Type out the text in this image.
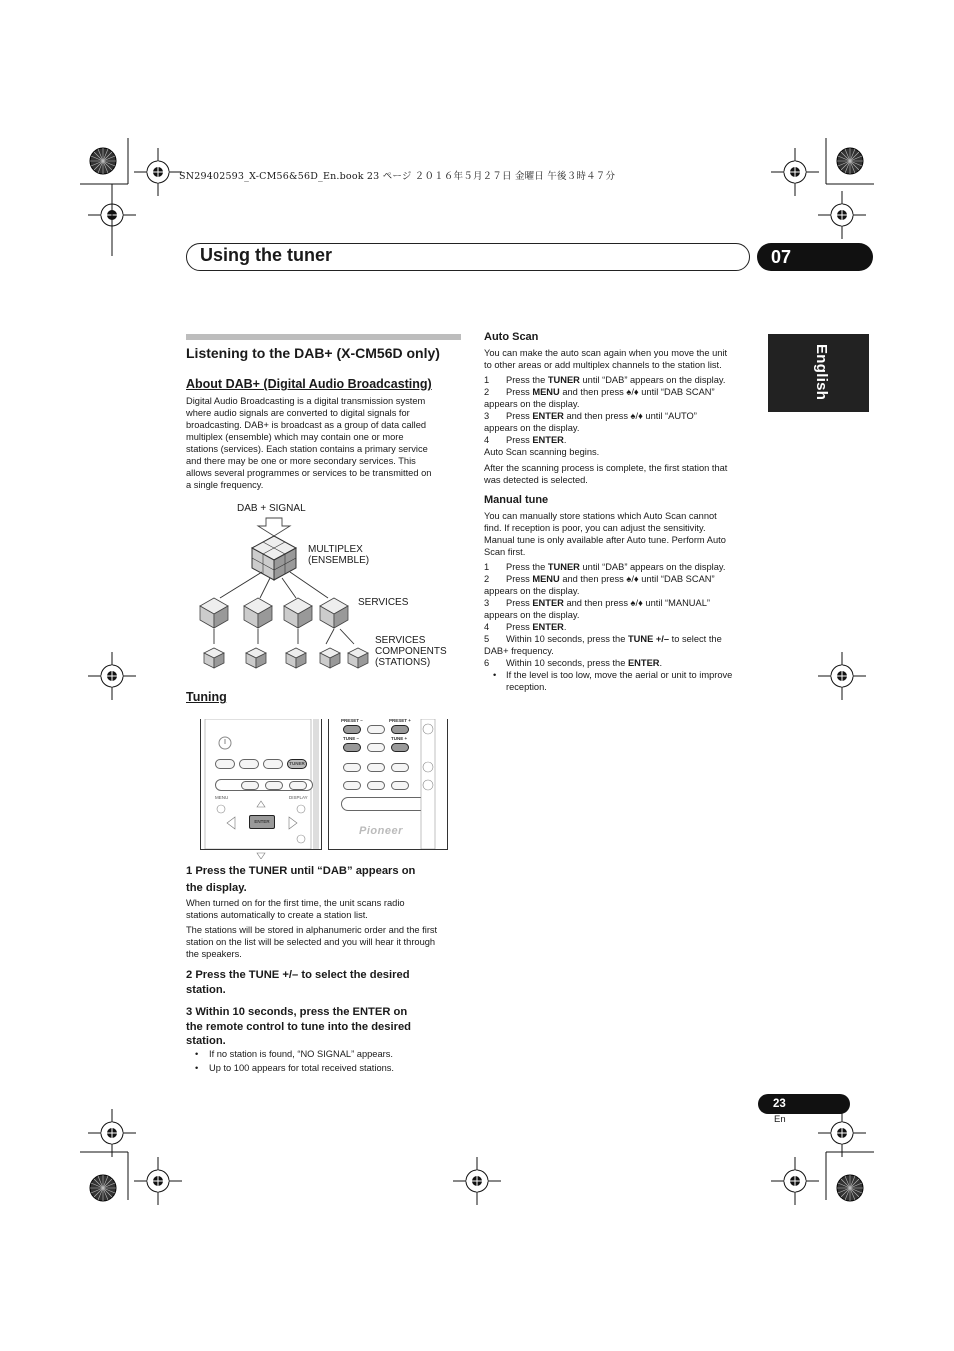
SN29402593_X-CM56&56D_En.book 23 ページ ２０１６年５月２７日 金曜日 午後３時４７分
Using the tuner	07
English
Listening to the DAB+ (X-CM56D only)
About DAB+ (Digital Audio Broadcasting)
Digital Audio Broadcasting is a digital transmission system
where audio signals are converted to digital signals for
broadcasting. DAB+ is broadcast as a group of data called
multiplex (ensemble) which may contain one or more
stations (services). Each station contains a primary service
and there may be one or more secondary services. This
allows several programmes or services to be transmitted on
a single frequency.
DAB + SIGNAL
MULTIPLEX
(ENSEMBLE)
SERVICES
SERVICES
COMPONENTS
(STATIONS)
Tuning
TUNER
MENU	DISPLAY
ENTER
PRESET –	PRESET +
TUNE –	TUNE +
Pioneer
1 Press the TUNER until “DAB” appears on
the display.
When turned on for the first time, the unit scans radio
stations automatically to create a station list.
The stations will be stored in alphanumeric order and the first
station on the list will be selected and you will hear it through
the speakers.
2 Press the TUNE +/– to select the desired
station.
3 Within 10 seconds, press the ENTER on
the remote control to tune into the desired
station.
• If no station is found, “NO SIGNAL” appears.
• Up to 100 appears for total received stations.
Auto Scan
You can make the auto scan again when you move the unit
to other areas or add multiplex channels to the station list.
1 Press the TUNER until “DAB” appears on the display.
2 Press MENU and then press ♠/♦ until “DAB SCAN”
appears on the display.
3 Press ENTER and then press ♠/♦ until “AUTO”
appears on the display.
4 Press ENTER.
Auto Scan scanning begins.
After the scanning process is complete, the first station that
was detected is selected.
Manual tune
You can manually store stations which Auto Scan cannot
find. If reception is poor, you can adjust the sensitivity.
Manual tune is only available after Auto tune. Perform Auto
Scan first.
1 Press the TUNER until “DAB” appears on the display.
2 Press MENU and then press ♠/♦ until “DAB SCAN”
appears on the display.
3 Press ENTER and then press ♠/♦ until “MANUAL”
appears on the display.
4 Press ENTER.
5 Within 10 seconds, press the TUNE +/– to select the
DAB+ frequency.
6 Within 10 seconds, press the ENTER.
• If the level is too low, move the aerial or unit to improve
reception.
23
En
